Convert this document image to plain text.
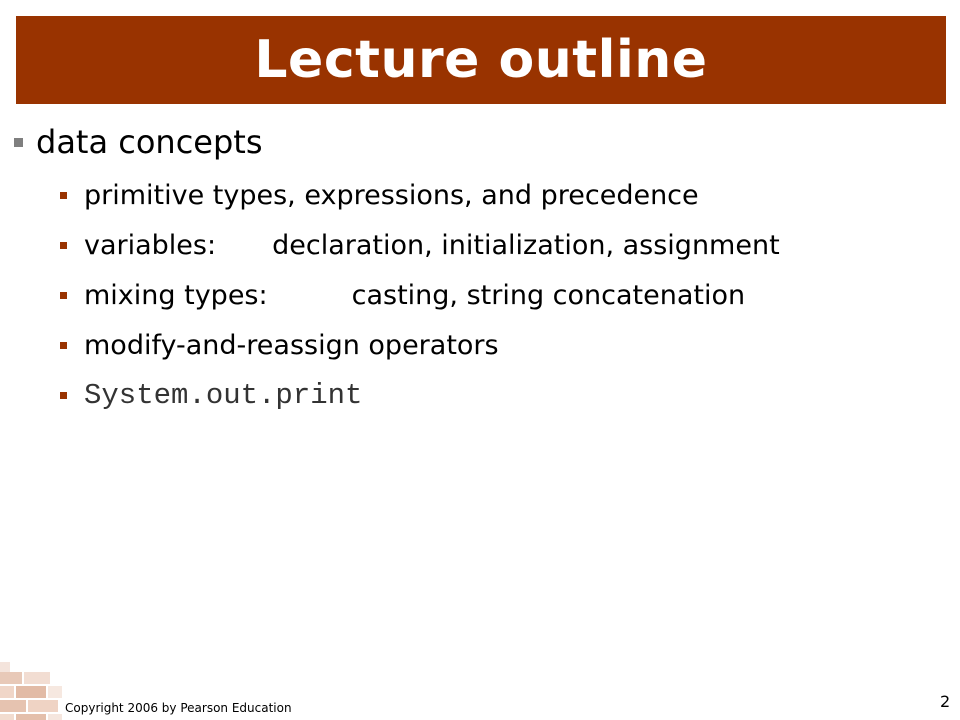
Lecture outline
data concepts
primitive types, expressions, and precedence
variables: declaration, initialization, assignment
mixing types:	casting, string concatenation
modify-and-reassign operators
System.out.print
Copyright 2006 by Pearson Education	2
